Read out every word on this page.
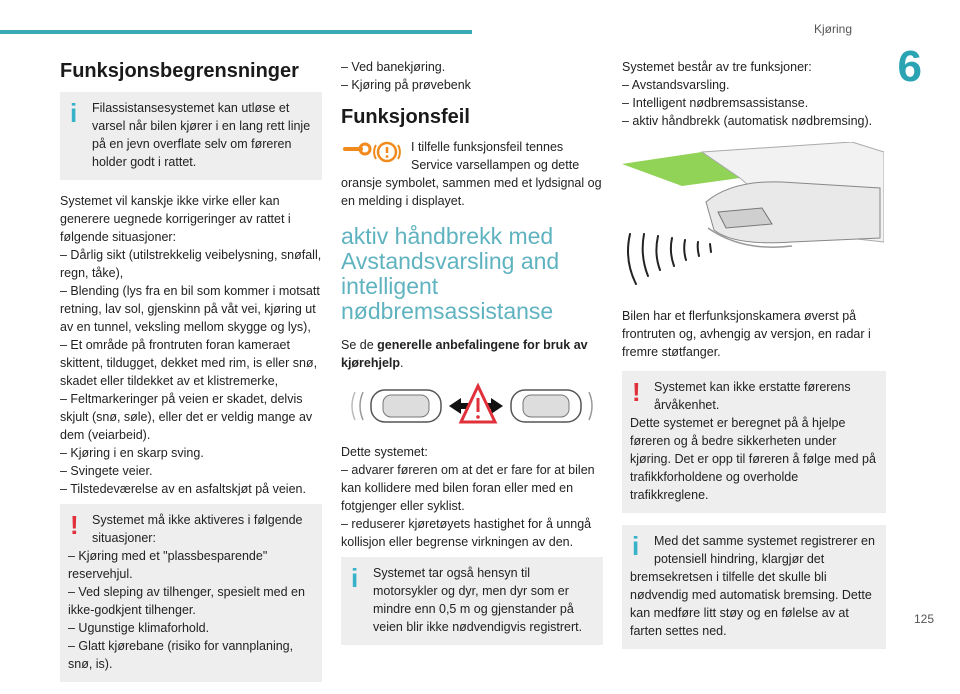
Kjøring
6
125
Funksjonsbegrensninger
i	Filassistansesystemet kan utløse et varsel når bilen kjører i en lang rett linje på en jevn overflate selv om føreren holder godt i rattet.

Systemet vil kanskje ikke virke eller kan generere uegnede korrigeringer av rattet i følgende situasjoner:

– Dårlig sikt (utilstrekkelig veibelysning, snøfall, regn, tåke),
– Blending (lys fra en bil som kommer i motsatt retning, lav sol, gjenskinn på våt vei, kjøring ut av en tunnel, veksling mellom skygge og lys),
– Et område på frontruten foran kameraet skittent, tildugget, dekket med rim, is eller snø, skadet eller tildekket av et klistremerke,
– Feltmarkeringer på veien er skadet, delvis skjult (snø, søle), eller det er veldig mange av dem (veiarbeid).
– Kjøring i en skarp sving.
– Svingete veier.
– Tilstedeværelse av en asfaltskjøt på veien.
!	Systemet må ikke aktiveres i følgende situasjoner:

– Kjøring med et "plassbesparende" reservehjul.
– Ved sleping av tilhenger, spesielt med en ikke-godkjent tilhenger.
– Ugunstige klimaforhold.
– Glatt kjørebane (risiko for vannplaning, snø, is).
– Ved banekjøring.
– Kjøring på prøvebenk
Funksjonsfeil

I tilfelle funksjonsfeil tennes Service varsellampen og dette

oransje symbolet, sammen med et lydsignal og en melding i displayet.

aktiv håndbrekk med Avstandsvarsling and intelligent nødbremsassistanse

Se de generelle anbefalingene for bruk av kjørehjelp.

Dette systemet:

– advarer føreren om at det er fare for at bilen kan kollidere med bilen foran eller med en fotgjenger eller syklist.
– reduserer kjøretøyets hastighet for å unngå kollisjon eller begrense virkningen av den.
i	Systemet tar også hensyn til motorsykler og dyr, men dyr som er mindre enn 0,5 m og gjenstander på veien blir ikke nødvendigvis registrert.

Systemet består av tre funksjoner:

– Avstandsvarsling.
– Intelligent nødbremsassistanse.
– aktiv håndbrekk (automatisk nødbremsing).

Bilen har et flerfunksjonskamera øverst på frontruten og, avhengig av versjon, en radar i fremre støtfanger.

!	Systemet kan ikke erstatte førerens årvåkenhet.

Dette systemet er beregnet på å hjelpe føreren og å bedre sikkerheten under kjøring. Det er opp til føreren å følge med på trafikkforholdene og overholde trafikkreglene.

i	Med det samme systemet registrerer en potensiell hindring, klargjør det

bremsekretsen i tilfelle det skulle bli nødvendig med automatisk bremsing. Dette kan medføre litt støy og en følelse av at farten settes ned.
